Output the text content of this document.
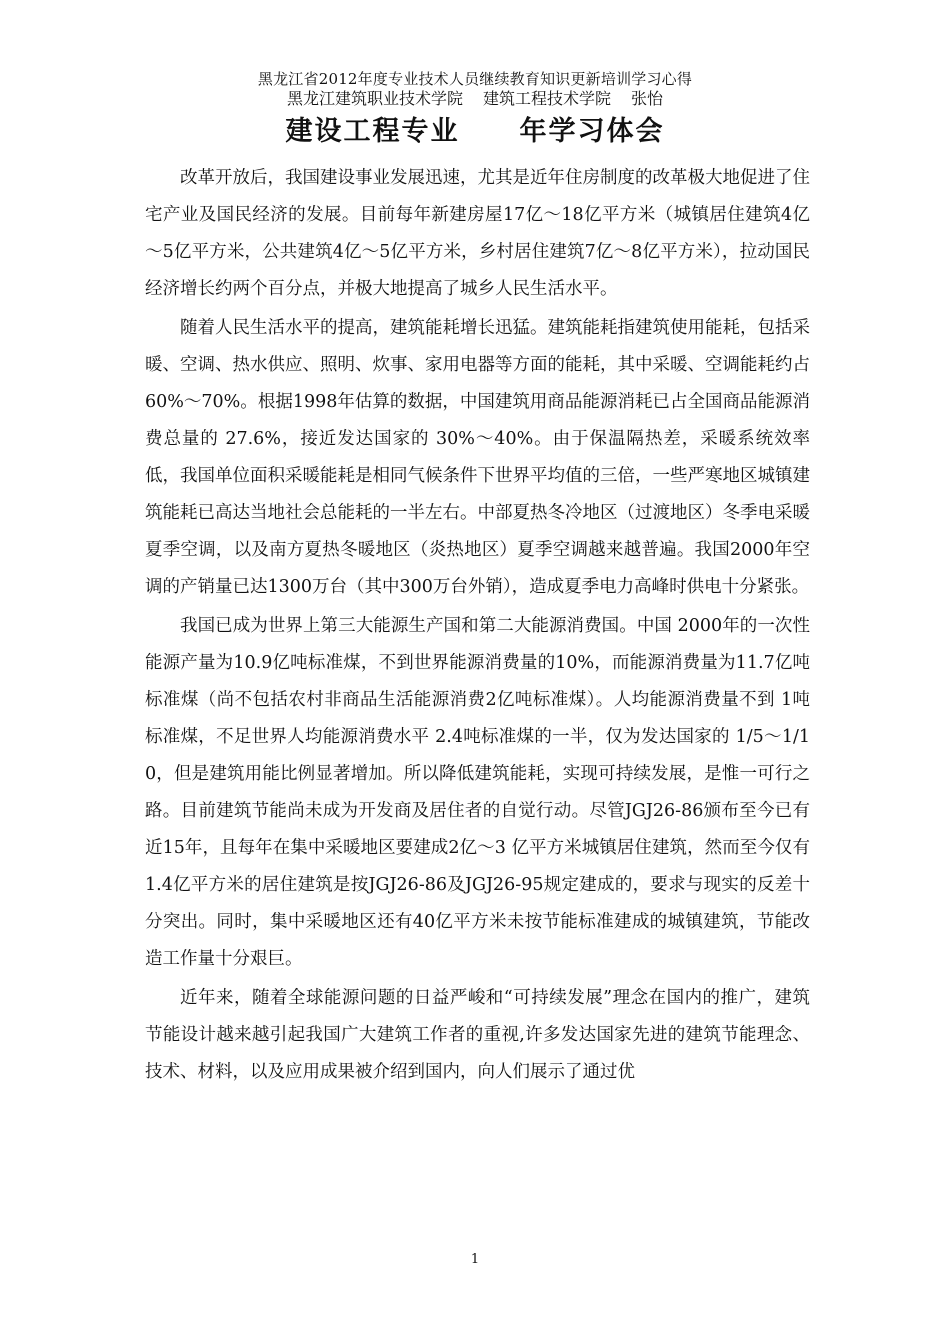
黑龙江省2012年度专业技术人员继续教育知识更新培训学习心得
黑龙江建筑职业技术学院 建筑工程技术学院 张怡
建设工程专业 年学习体会

改革开放后，我国建设事业发展迅速，尤其是近年住房制度的改革极大地促进了住宅产业及国民经济的发展。目前每年新建房屋17亿～18亿平方米（城镇居住建筑4亿～5亿平方米，公共建筑4亿～5亿平方米，乡村居住建筑7亿～8亿平方米），拉动国民经济增长约两个百分点，并极大地提高了城乡人民生活水平。

随着人民生活水平的提高，建筑能耗增长迅猛。建筑能耗指建筑使用能耗，包括采暖、空调、热水供应、照明、炊事、家用电器等方面的能耗，其中采暖、空调能耗约占60%～70%。根据1998年估算的数据，中国建筑用商品能源消耗已占全国商品能源消费总量的 27.6%，接近发达国家的 30%～40%。由于保温隔热差，采暖系统效率低，我国单位面积采暖能耗是相同气候条件下世界平均值的三倍，一些严寒地区城镇建筑能耗已高达当地社会总能耗的一半左右。中部夏热冬冷地区（过渡地区）冬季电采暖夏季空调，以及南方夏热冬暖地区（炎热地区）夏季空调越来越普遍。我国2000年空调的产销量已达1300万台（其中300万台外销），造成夏季电力高峰时供电十分紧张。

我国已成为世界上第三大能源生产国和第二大能源消费国。中国 2000年的一次性能源产量为10.9亿吨标准煤，不到世界能源消费量的10%，而能源消费量为11.7亿吨标准煤（尚不包括农村非商品生活能源消费2亿吨标准煤）。人均能源消费量不到 1吨标准煤，不足世界人均能源消费水平 2.4吨标准煤的一半，仅为发达国家的 1/5～1/10，但是建筑用能比例显著增加。所以降低建筑能耗，实现可持续发展，是惟一可行之路。目前建筑节能尚未成为开发商及居住者的自觉行动。尽管JGJ26-86颁布至今已有近15年，且每年在集中采暖地区要建成2亿～3 亿平方米城镇居住建筑，然而至今仅有 1.4亿平方米的居住建筑是按JGJ26-86及JGJ26-95规定建成的，要求与现实的反差十分突出。同时，集中采暖地区还有40亿平方米未按节能标准建成的城镇建筑，节能改造工作量十分艰巨。

近年来，随着全球能源问题的日益严峻和“可持续发展”理念在国内的推广，建筑节能设计越来越引起我国广大建筑工作者的重视,许多发达国家先进的建筑节能理念、技术、材料，以及应用成果被介绍到国内，向人们展示了通过优

1
